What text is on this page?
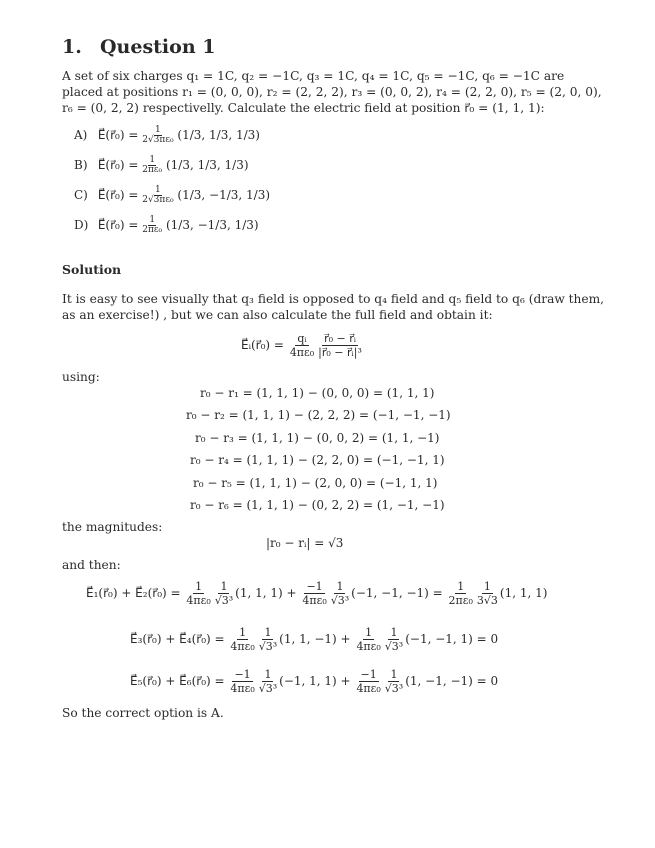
1. Question 1
A set of six charges q₁ = 1C, q₂ = −1C, q₃ = 1C, q₄ = 1C, q₅ = −1C, q₆ = −1C are
placed at positions r₁ = (0, 0, 0), r₂ = (2, 2, 2), r₃ = (0, 0, 2), r₄ = (2, 2, 0), r₅ = (2, 0, 0),
r₆ = (0, 2, 2) respectivelly. Calculate the electric field at position r⃗₀ = (1, 1, 1):
A) E⃗(r⃗₀) = $\frac{1}{\text{2√3πε₀}} (1/3$, 1/3, 1/3)
B) E⃗(r⃗₀) = $\frac{1}{\text{2πε₀}} (1/3$, 1/3, 1/3)
C) E⃗(r⃗₀) = $\frac{1}{\text{2√3πε₀}} (1/3$, −1/3, 1/3)
D) E⃗(r⃗₀) = $\frac{1}{\text{2πε₀}} (1/3$, −1/3, 1/3)
Solution
It is easy to see visually that q₃ field is opposed to q₄ field and q₅ field to q₆ (draw them,
as an exercise!) , but we can also calculate the full field and obtain it:
E⃗ᵢ(r⃗₀) = $\frac{\text{qᵢ}}{\text{4πε₀}} \frac{\text{r⃗₀ − r⃗ᵢ}}{\text{|r⃗₀ − r⃗ᵢ|³}}$
using:
r₀ − r₁ = (1, 1, 1) − (0, 0, 0) = (1, 1, 1)
r₀ − r₂ = (1, 1, 1) − (2, 2, 2) = (−1, −1, −1)
r₀ − r₃ = (1, 1, 1) − (0, 0, 2) = (1, 1, −1)
r₀ − r₄ = (1, 1, 1) − (2, 2, 0) = (−1, −1, 1)
r₀ − r₅ = (1, 1, 1) − (2, 0, 0) = (−1, 1, 1)
r₀ − r₆ = (1, 1, 1) − (0, 2, 2) = (1, −1, −1)
the magnitudes:
|r₀ − rᵢ| = √3
and then:
E⃗₁(r⃗₀) + E⃗₂(r⃗₀) = $\frac{1}{\text{4πε₀}} \frac{1}{\text{√3³}} (1$, 1, $1) + \frac{-1}{\text{4πε₀}} \frac{1}{\text{√3³}} (-1$, −1, $-1) = \frac{1}{\text{2πε₀}} \frac{1}{3√3} (1$, 1, 1)
E⃗₃(r⃗₀) + E⃗₄(r⃗₀) = $\frac{1}{\text{4πε₀}} \frac{1}{\text{√3³}} (1$, 1, $-1) + \frac{1}{\text{4πε₀}} \frac{1}{\text{√3³}} (-1$, −1, 1) = 0
E⃗₅(r⃗₀) + E⃗₆(r⃗₀) = $\frac{-1}{\text{4πε₀}} \frac{1}{\text{√3³}} (-1$, 1, $1) + \frac{-1}{\text{4πε₀}} \frac{1}{\text{√3³}} (1$, −1, −1) = 0
So the correct option is A.
